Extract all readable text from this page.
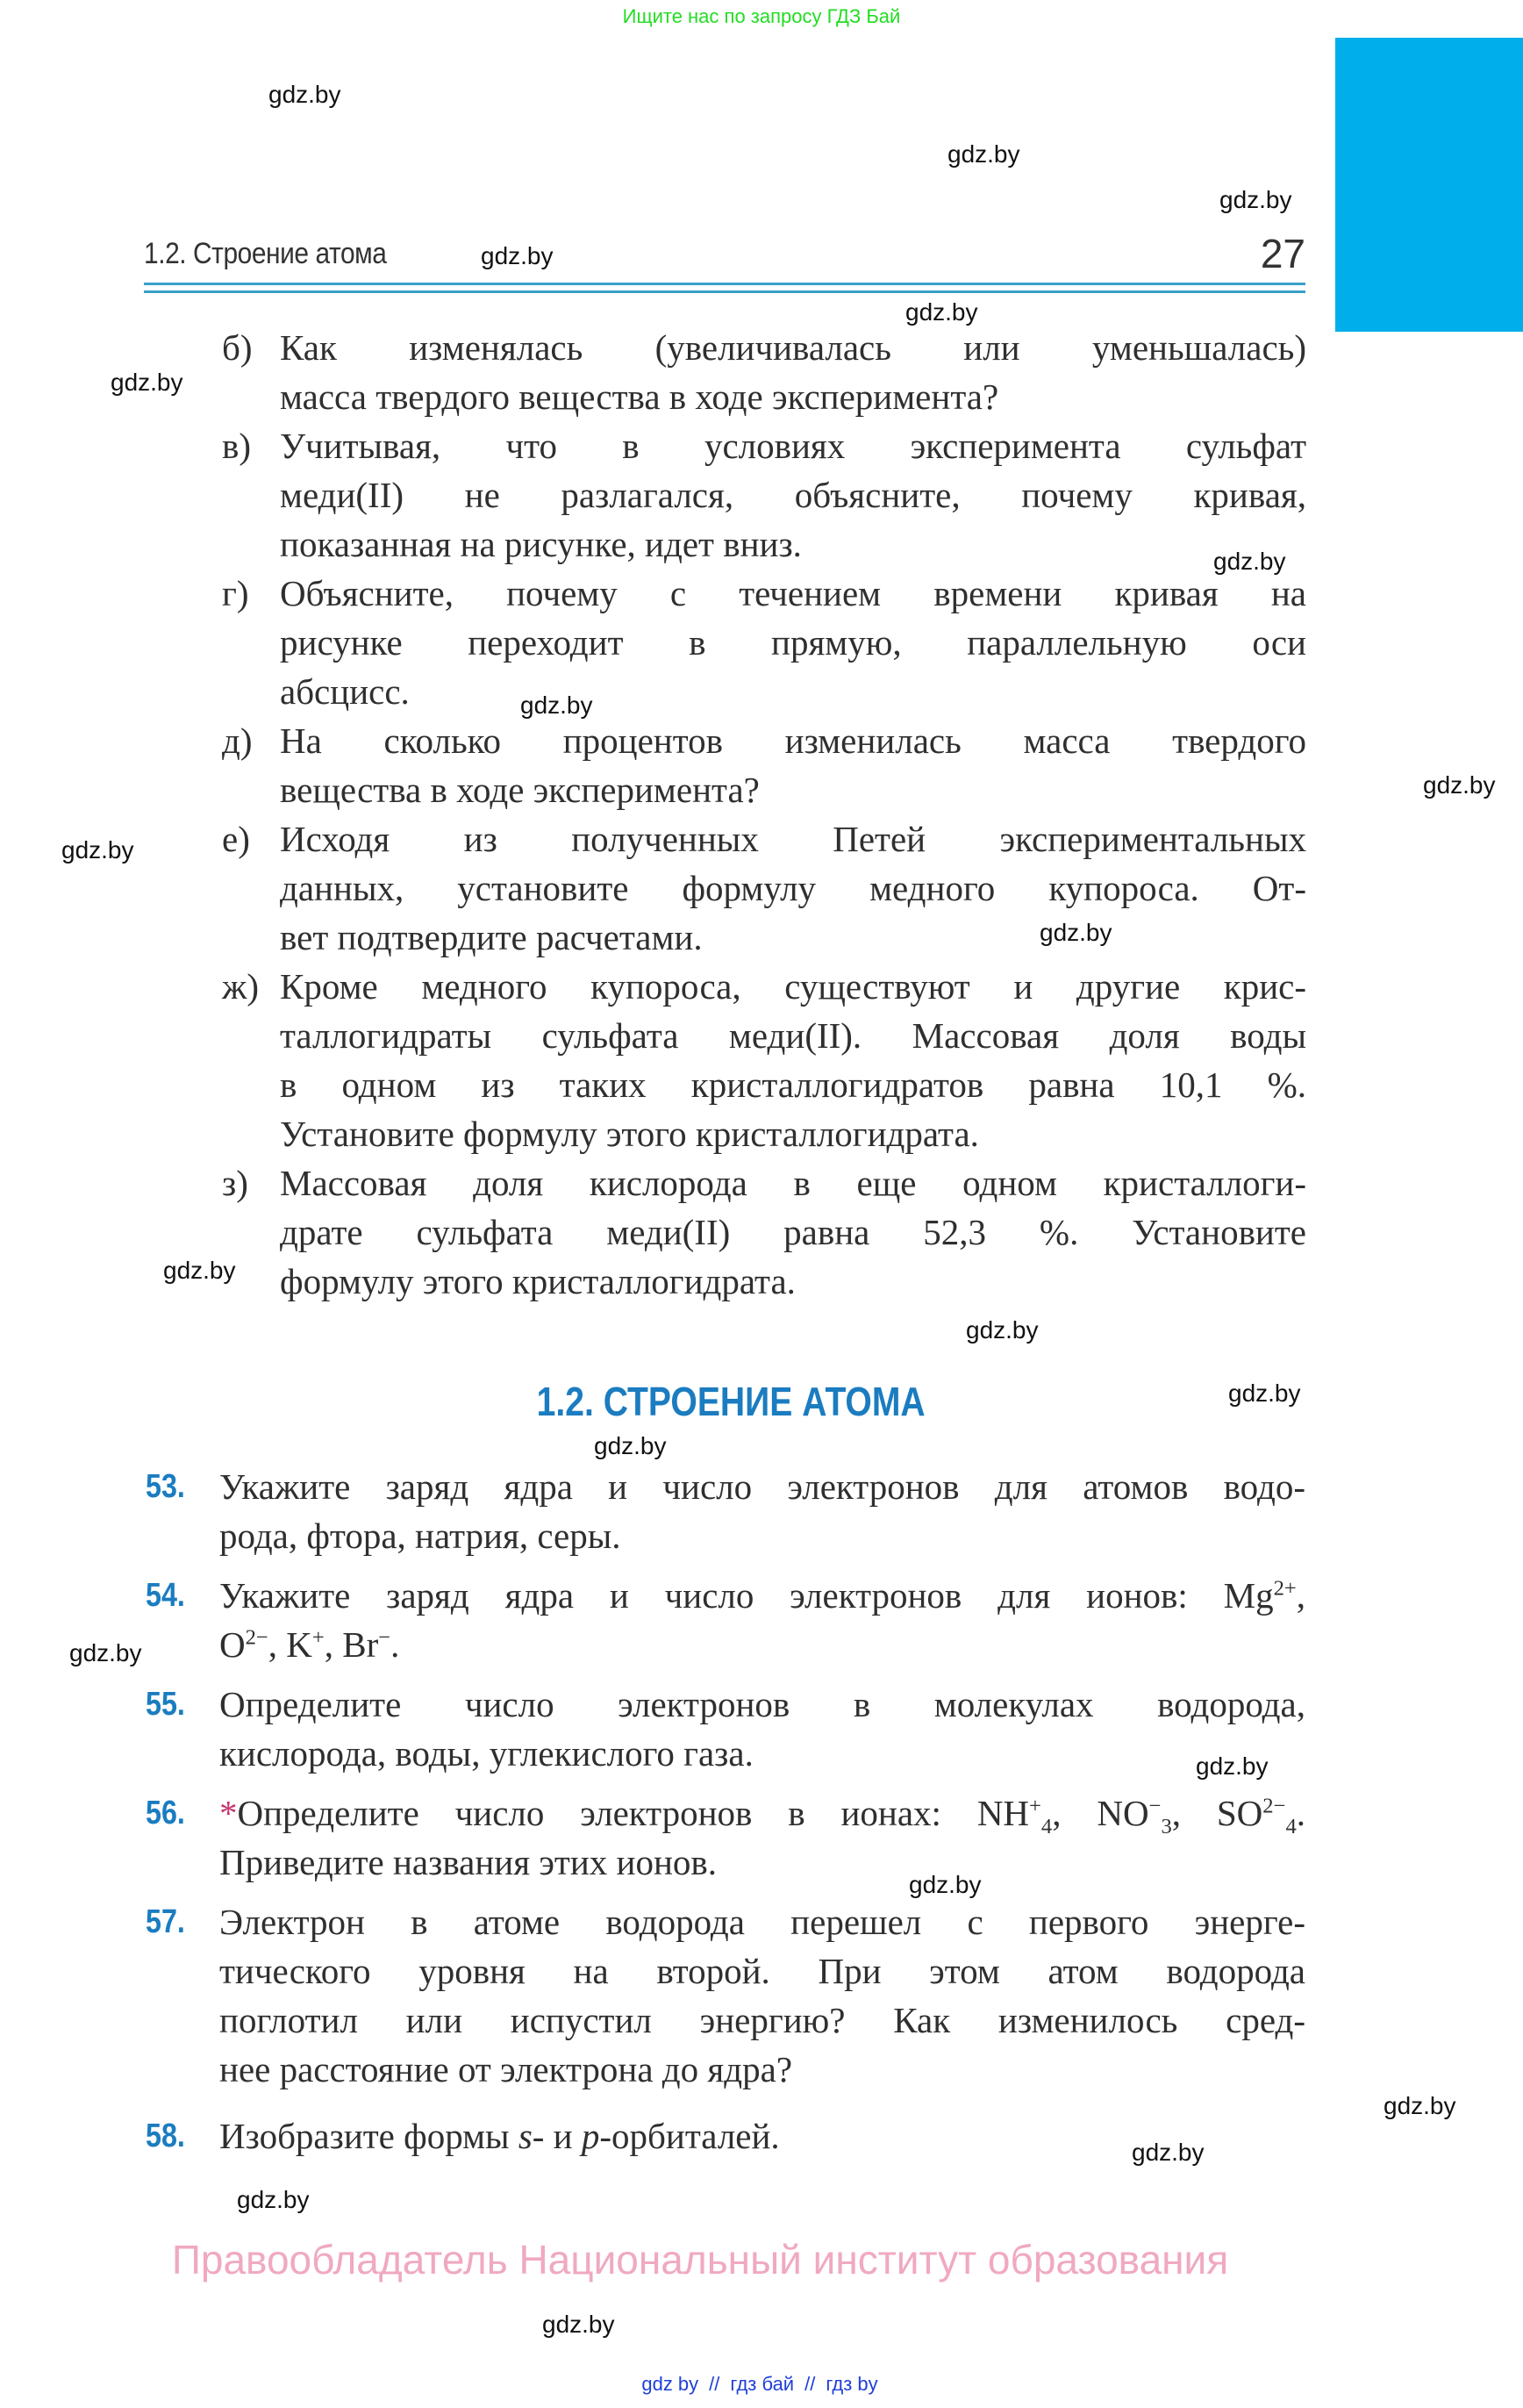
Ищите нас по запросу ГДЗ Бай
1.2. Строение атома	27
б) Как изменялась (увеличивалась или уменьшалась)
масса твердого вещества в ходе эксперимента?
в) Учитывая, что в условиях эксперимента сульфат
меди(II) не разлагался, объясните, почему кривая,
показанная на рисунке, идет вниз.
г) Объясните, почему с течением времени кривая на
рисунке переходит в прямую, параллельную оси
абсцисс.
д) На сколько процентов изменилась масса твердого
вещества в ходе эксперимента?
е) Исходя из полученных Петей экспериментальных
данных, установите формулу медного купороса. От-
вет подтвердите расчетами.
ж) Кроме медного купороса, существуют и другие крис-
таллогидраты сульфата меди(II). Массовая доля воды
в одном из таких кристаллогидратов равна 10,1 %.
Установите формулу этого кристаллогидрата.
з) Массовая доля кислорода в еще одном кристаллоги-
драте сульфата меди(II) равна 52,3 %. Установите
формулу этого кристаллогидрата.
1.2. СТРОЕНИЕ АТОМА
53. Укажите заряд ядра и число электронов для атомов водо-
рода, фтора, натрия, серы.
54. Укажите заряд ядра и число электронов для ионов: $Mg^{2+}$,
$O^{2-}$, K+, Br−.
55. Определите число электронов в молекулах водорода,
кислорода, воды, углекислого газа.
56. *Определите число электронов в ионах: $NH^+_4$, $NO^-_3$, $SO^{2-}_4$.
Приведите названия этих ионов.
57. Электрон в атоме водорода перешел с первого энерге-
тического уровня на второй. При этом атом водорода
поглотил или испустил энергию? Как изменилось сред-
нее расстояние от электрона до ядра?
58. Изобразите формы s- и p-орбиталей.
Правообладатель Национальный институт образования
gdz by // гдз бай // гдз by
gdz.by
gdz.by
gdz.by
gdz.by
gdz.by
gdz.by
gdz.by
gdz.by
gdz.by
gdz.by
gdz.by
gdz.by
gdz.by
gdz.by
gdz.by
gdz.by
gdz.by
gdz.by
gdz.by
gdz.by
gdz.by
gdz.by
